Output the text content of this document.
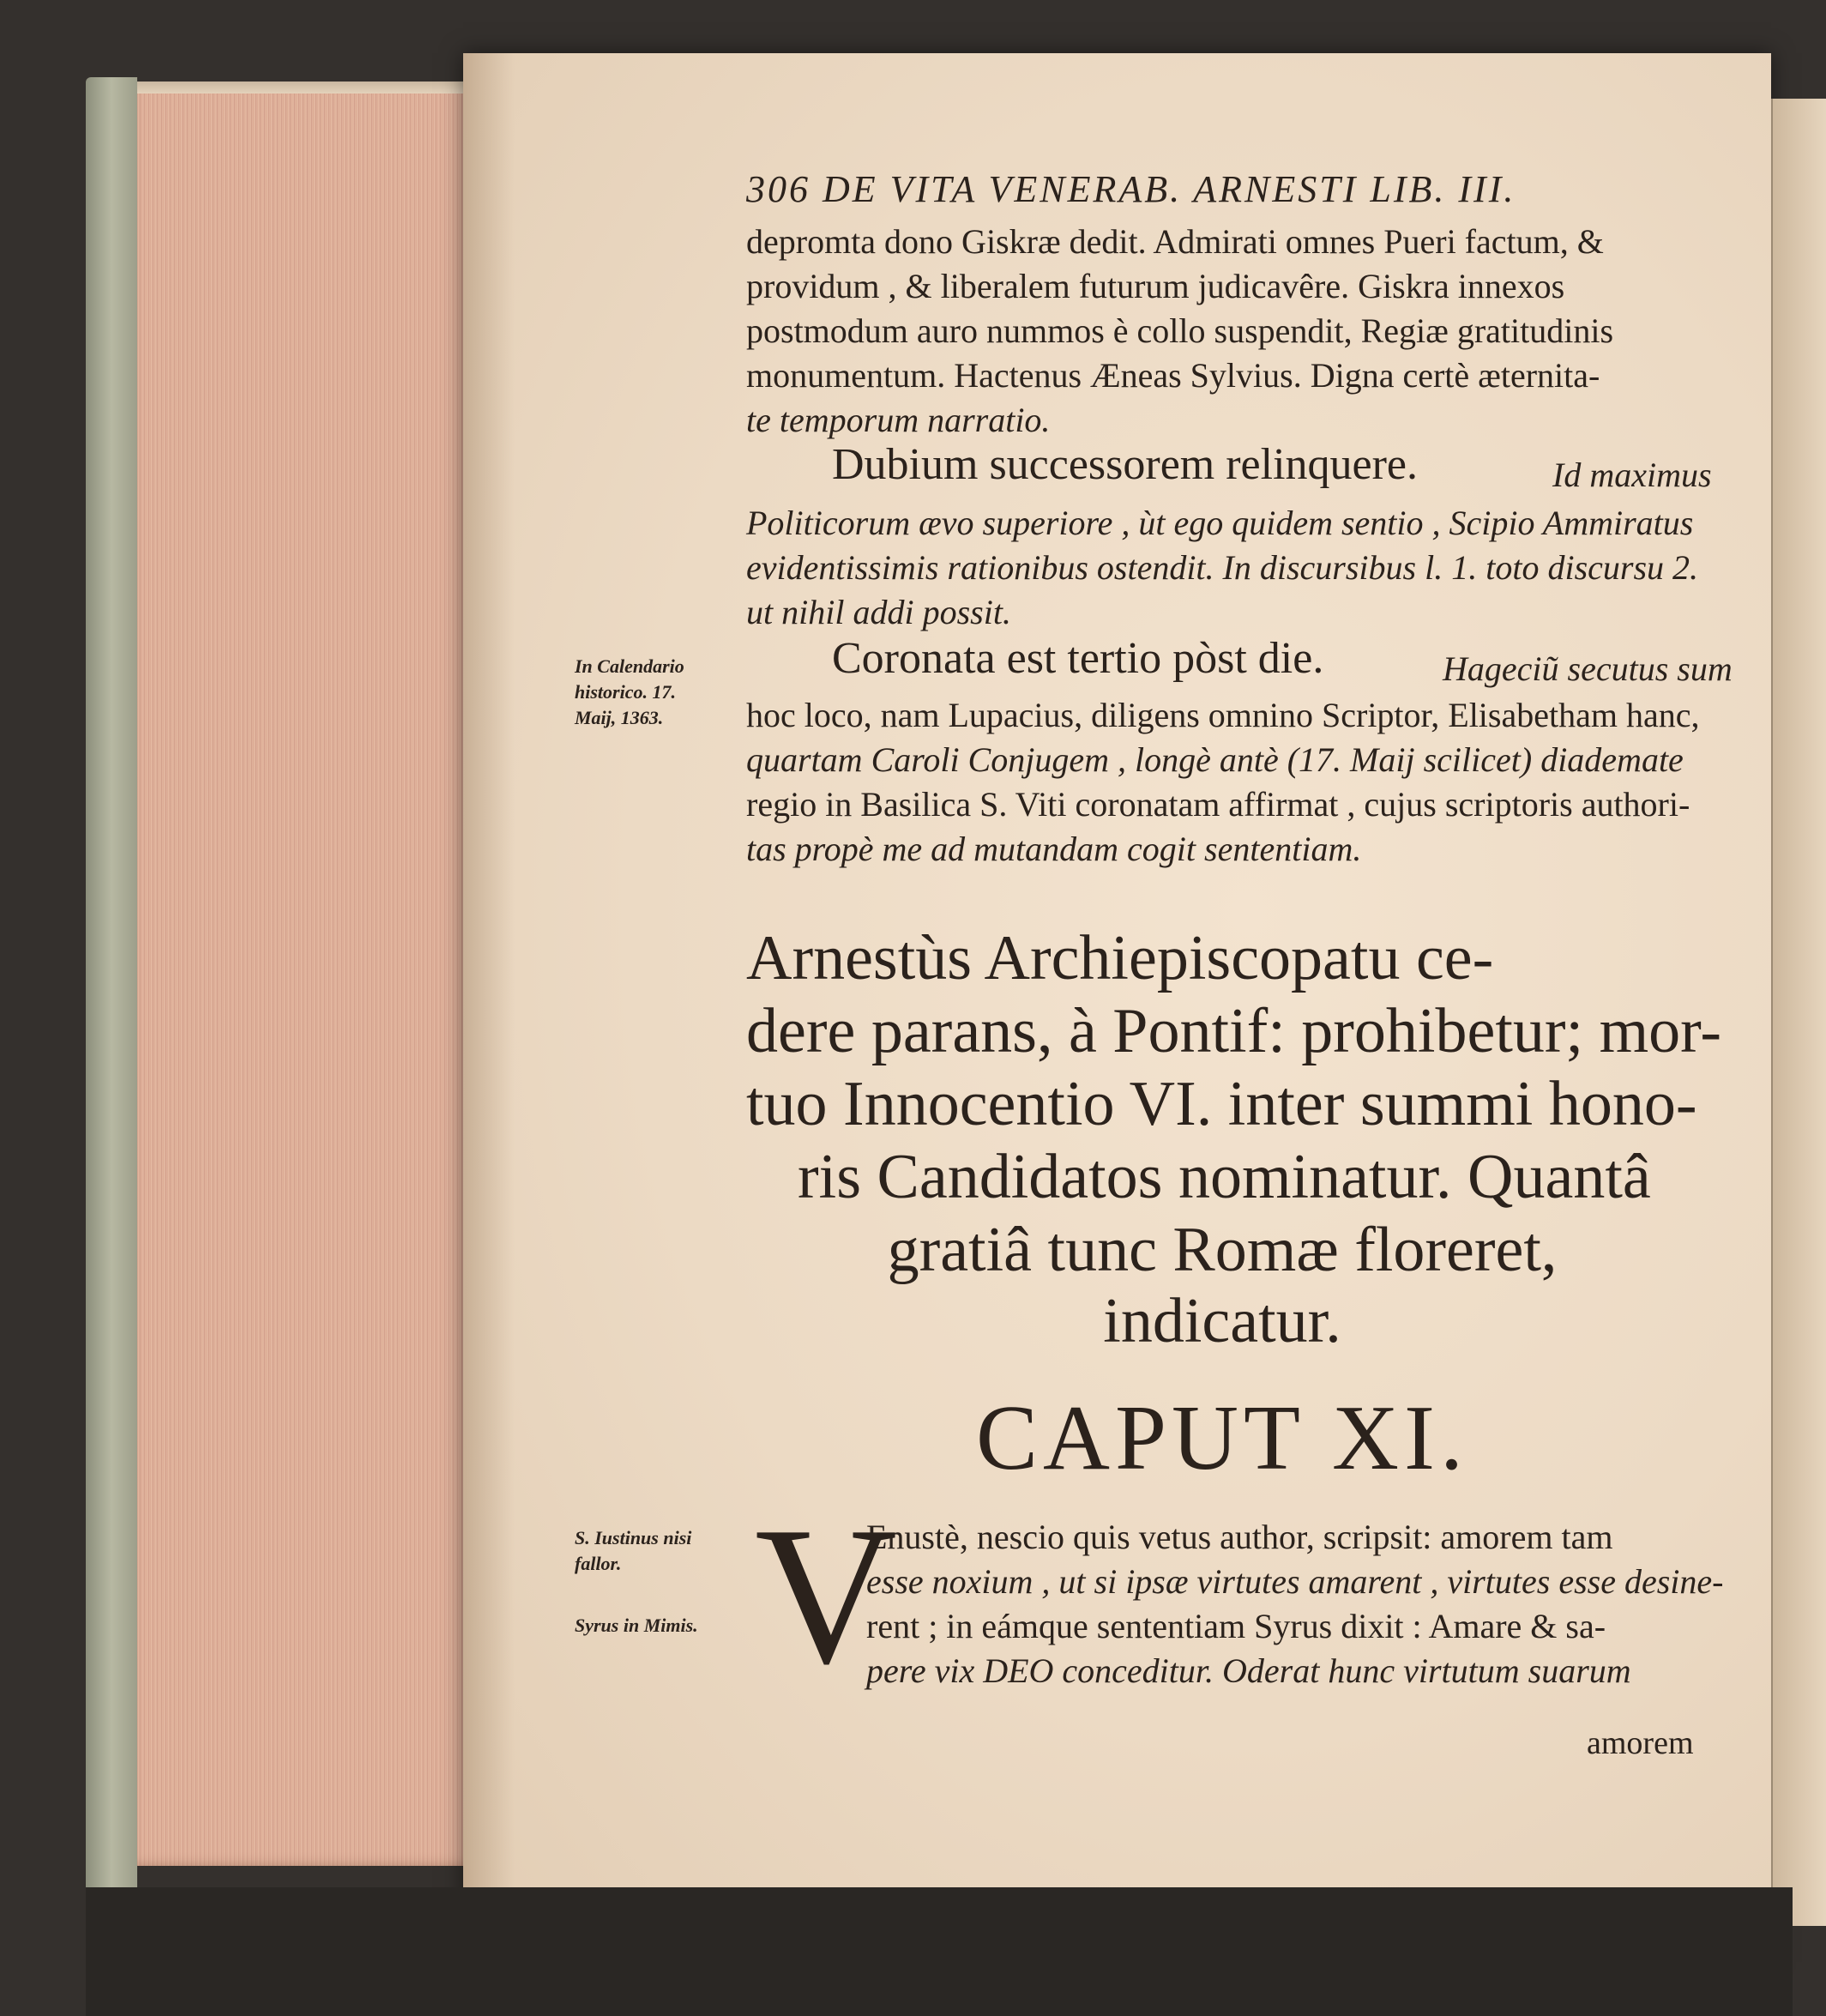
306 DE VITA VENERAB. ARNESTI LIB. III.
depromta dono Giskræ dedit. Admirati omnes Pueri factum, &
providum , & liberalem futurum judicavêre. Giskra innexos
postmodum auro nummos è collo suspendit, Regiæ gratitudinis
monumentum. Hactenus Æneas Sylvius. Digna certè æternita-
te temporum narratio.
Dubium successorem relinquere.	Id maximus
Politicorum ævo superiore , ùt ego quidem sentio , Scipio Ammiratus
evidentissimis rationibus ostendit. In discursibus l. 1. toto discursu 2.
ut nihil addi possit.
Coronata est tertio pòst die.	Hageciũ secutus sum
hoc loco, nam Lupacius, diligens omnino Scriptor, Elisabetham hanc,
quartam Caroli Conjugem , longè antè (17. Maij scilicet) diademate
regio in Basilica S. Viti coronatam affirmat , cujus scriptoris authori-
tas propè me ad mutandam cogit sententiam.
In Calendario historico. 17. Maij, 1363.
S. Iustinus nisi fallor.
Syrus in Mimis.
Arnestùs Archiepiscopatu ce-
dere parans, à Pontif: prohibetur; mor-
tuo Innocentio VI. inter summi hono-
ris Candidatos nominatur. Quantâ
gratiâ tunc Romæ floreret,
indicatur.
CAPUT XI.
V
Enustè, nescio quis vetus author, scripsit: amorem tam
esse noxium , ut si ipsæ virtutes amarent , virtutes esse desine-
rent ; in eámque sententiam Syrus dixit : Amare & sa-
pere vix DEO conceditur. Oderat hunc virtutum suarum
amorem
